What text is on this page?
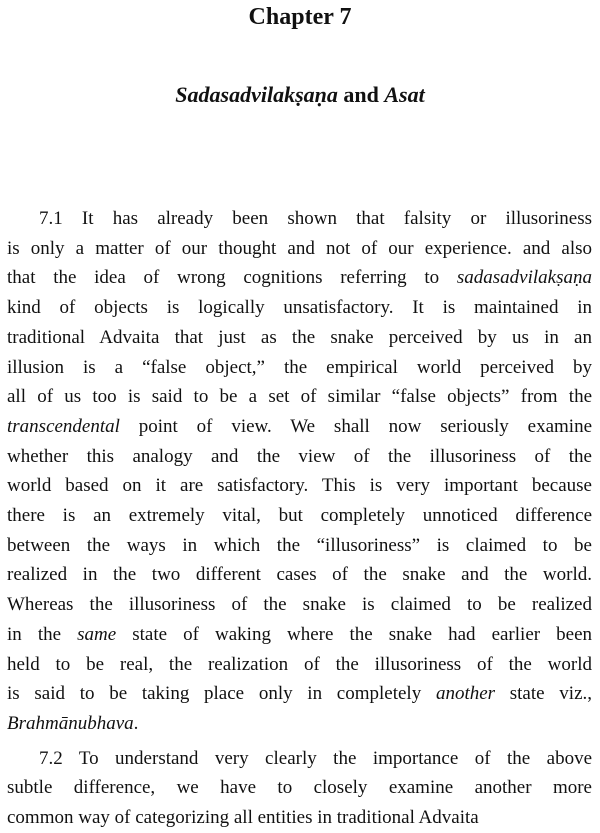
Chapter 7
Sadasadvilakṣaṇa and Asat

7.1 It has already been shown that falsity or illusoriness
is only a matter of our thought and not of our experience. and also
that the idea of wrong cognitions referring to sadasadvilakṣaṇa
kind of objects is logically unsatisfactory. It is maintained in
traditional Advaita that just as the snake perceived by us in an
illusion is a “false object,” the empirical world perceived by
all of us too is said to be a set of similar “false objects” from the
transcendental point of view. We shall now seriously examine
whether this analogy and the view of the illusoriness of the
world based on it are satisfactory. This is very important because
there is an extremely vital, but completely unnoticed difference
between the ways in which the “illusoriness” is claimed to be
realized in the two different cases of the snake and the world.
Whereas the illusoriness of the snake is claimed to be realized
in the same state of waking where the snake had earlier been
held to be real, the realization of the illusoriness of the world
is said to be taking place only in completely another state viz.,
Brahmānubhava.

7.2 To understand very clearly the importance of the above
subtle difference, we have to closely examine another more
common way of categorizing all entities in traditional Advaita
